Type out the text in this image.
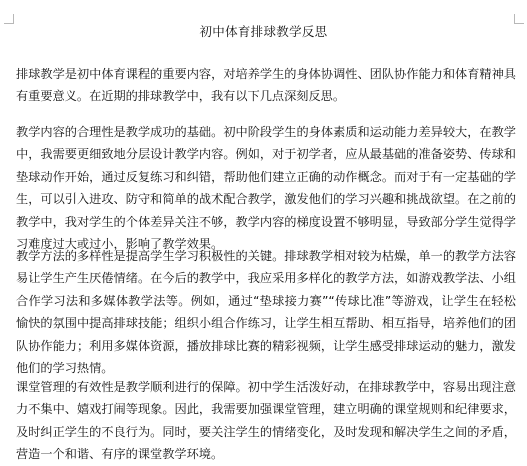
初中体育排球教学反思

排球教学是初中体育课程的重要内容，对培养学生的身体协调性、团队协作能力和体育精神具有重要意义。在近期的排球教学中，我有以下几点深刻反思。

教学内容的合理性是教学成功的基础。初中阶段学生的身体素质和运动能力差异较大，在教学中，我需要更细致地分层设计教学内容。例如，对于初学者，应从最基础的准备姿势、传球和垫球动作开始，通过反复练习和纠错，帮助他们建立正确的动作概念。而对于有一定基础的学生，可以引入进攻、防守和简单的战术配合教学，激发他们的学习兴趣和挑战欲望。在之前的教学中，我对学生的个体差异关注不够，教学内容的梯度设置不够明显，导致部分学生觉得学习难度过大或过小，影响了教学效果。

教学方法的多样性是提高学生学习积极性的关键。排球教学相对较为枯燥，单一的教学方法容易让学生产生厌倦情绪。在今后的教学中，我应采用多样化的教学方法，如游戏教学法、小组合作学习法和多媒体教学法等。例如，通过“垫球接力赛”“传球比准”等游戏，让学生在轻松愉快的氛围中提高排球技能；组织小组合作练习，让学生相互帮助、相互指导，培养他们的团队协作能力；利用多媒体资源，播放排球比赛的精彩视频，让学生感受排球运动的魅力，激发他们的学习热情。

课堂管理的有效性是教学顺利进行的保障。初中学生活泼好动，在排球教学中，容易出现注意力不集中、嬉戏打闹等现象。因此，我需要加强课堂管理，建立明确的课堂规则和纪律要求，及时纠正学生的不良行为。同时，要关注学生的情绪变化，及时发现和解决学生之间的矛盾，营造一个和谐、有序的课堂教学环境。
